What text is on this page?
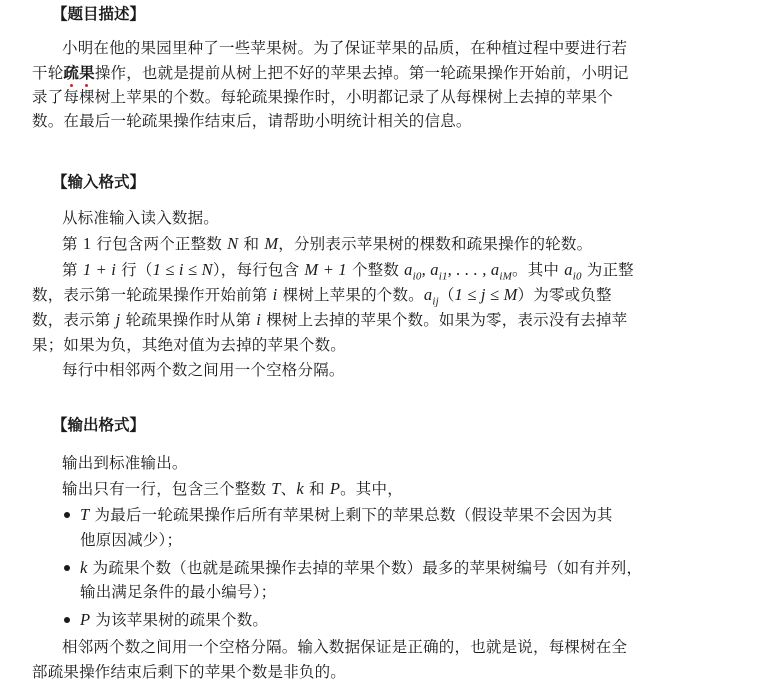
【题目描述】
小明在他的果园里种了一些苹果树。为了保证苹果的品质，在种植过程中要进行若
干轮疏
果
操作，也就是提前从树上把不好的苹果去掉。第一轮疏果操作开始前，小明记
录了每棵树上苹果的个数。每轮疏果操作时，小明都记录了从每棵树上去掉的苹果个
数。在最后一轮疏果操作结束后，请帮助小明统计相关的信息。
【输入格式】
从标准输入读入数据。
第 1 行包含两个正整数 N 和 M，分别表示苹果树的棵数和疏果操作的轮数。
第 1 + i 行（1 ≤ i ≤ N），每行包含 M + 1 个整数 $a_{i0}$, $a_{i1}$, . . . , $a_{iM}$。其中 $a_{i0}$ 为正整
数，表示第一轮疏果操作开始前第 i 棵树上苹果的个数。$a_{ij}(1 \le j \le M)$为零或负整
数，表示第 j 轮疏果操作时从第 i 棵树上去掉的苹果个数。如果为零，表示没有去掉苹
果；如果为负，其绝对值为去掉的苹果个数。
每行中相邻两个数之间用一个空格分隔。
【输出格式】
输出到标准输出。
输出只有一行，包含三个整数 T、k 和 P。其中，
T 为最后一轮疏果操作后所有苹果树上剩下的苹果总数（假设苹果不会因为其
他原因减少）；
k 为疏果个数（也就是疏果操作去掉的苹果个数）最多的苹果树编号（如有并列，
输出满足条件的最小编号）；
P 为该苹果树的疏果个数。
相邻两个数之间用一个空格分隔。输入数据保证是正确的，也就是说，每棵树在全
部疏果操作结束后剩下的苹果个数是非负的。
